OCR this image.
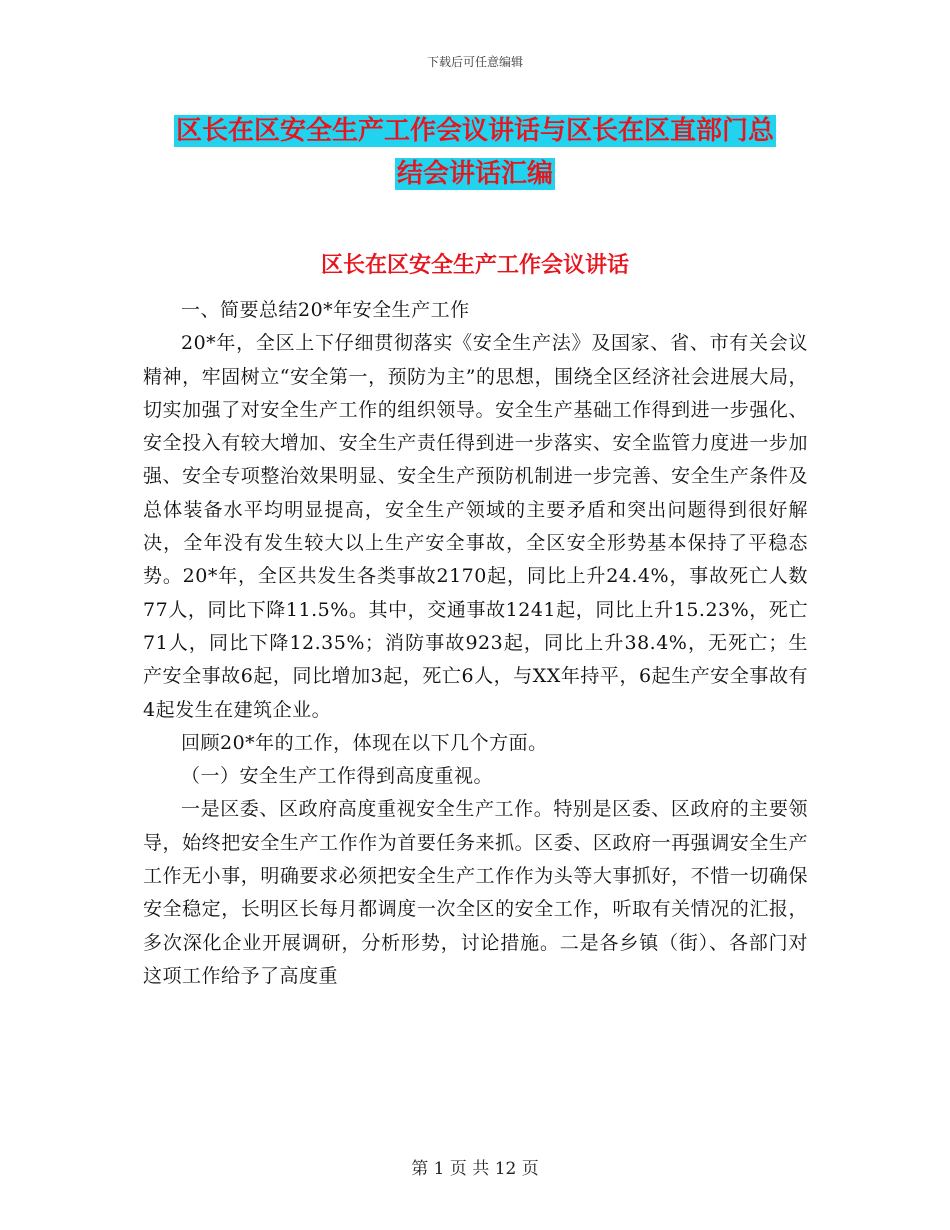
下载后可任意编辑
区长在区安全生产工作会议讲话与区长在区直部门总
结会讲话汇编
区长在区安全生产工作会议讲话

一、简要总结20*年安全生产工作

20*年，全区上下仔细贯彻落实《安全生产法》及国家、省、市有关会议精神，牢固树立“安全第一，预防为主”的思想，围绕全区经济社会进展大局，切实加强了对安全生产工作的组织领导。安全生产基础工作得到进一步强化、安全投入有较大增加、安全生产责任得到进一步落实、安全监管力度进一步加强、安全专项整治效果明显、安全生产预防机制进一步完善、安全生产条件及总体装备水平均明显提高，安全生产领域的主要矛盾和突出问题得到很好解决，全年没有发生较大以上生产安全事故，全区安全形势基本保持了平稳态势。20*年，全区共发生各类事故2170起，同比上升24.4%，事故死亡人数77人，同比下降11.5%。其中，交通事故1241起，同比上升15.23%，死亡71人，同比下降12.35%；消防事故923起，同比上升38.4%，无死亡；生产安全事故6起，同比增加3起，死亡6人，与XX年持平，6起生产安全事故有4起发生在建筑企业。

回顾20*年的工作，体现在以下几个方面。

（一）安全生产工作得到高度重视。

一是区委、区政府高度重视安全生产工作。特别是区委、区政府的主要领导，始终把安全生产工作作为首要任务来抓。区委、区政府一再强调安全生产工作无小事，明确要求必须把安全生产工作作为头等大事抓好，不惜一切确保安全稳定，长明区长每月都调度一次全区的安全工作，听取有关情况的汇报，多次深化企业开展调研，分析形势，讨论措施。二是各乡镇（街）、各部门对这项工作给予了高度重

第 1 页 共 12 页
